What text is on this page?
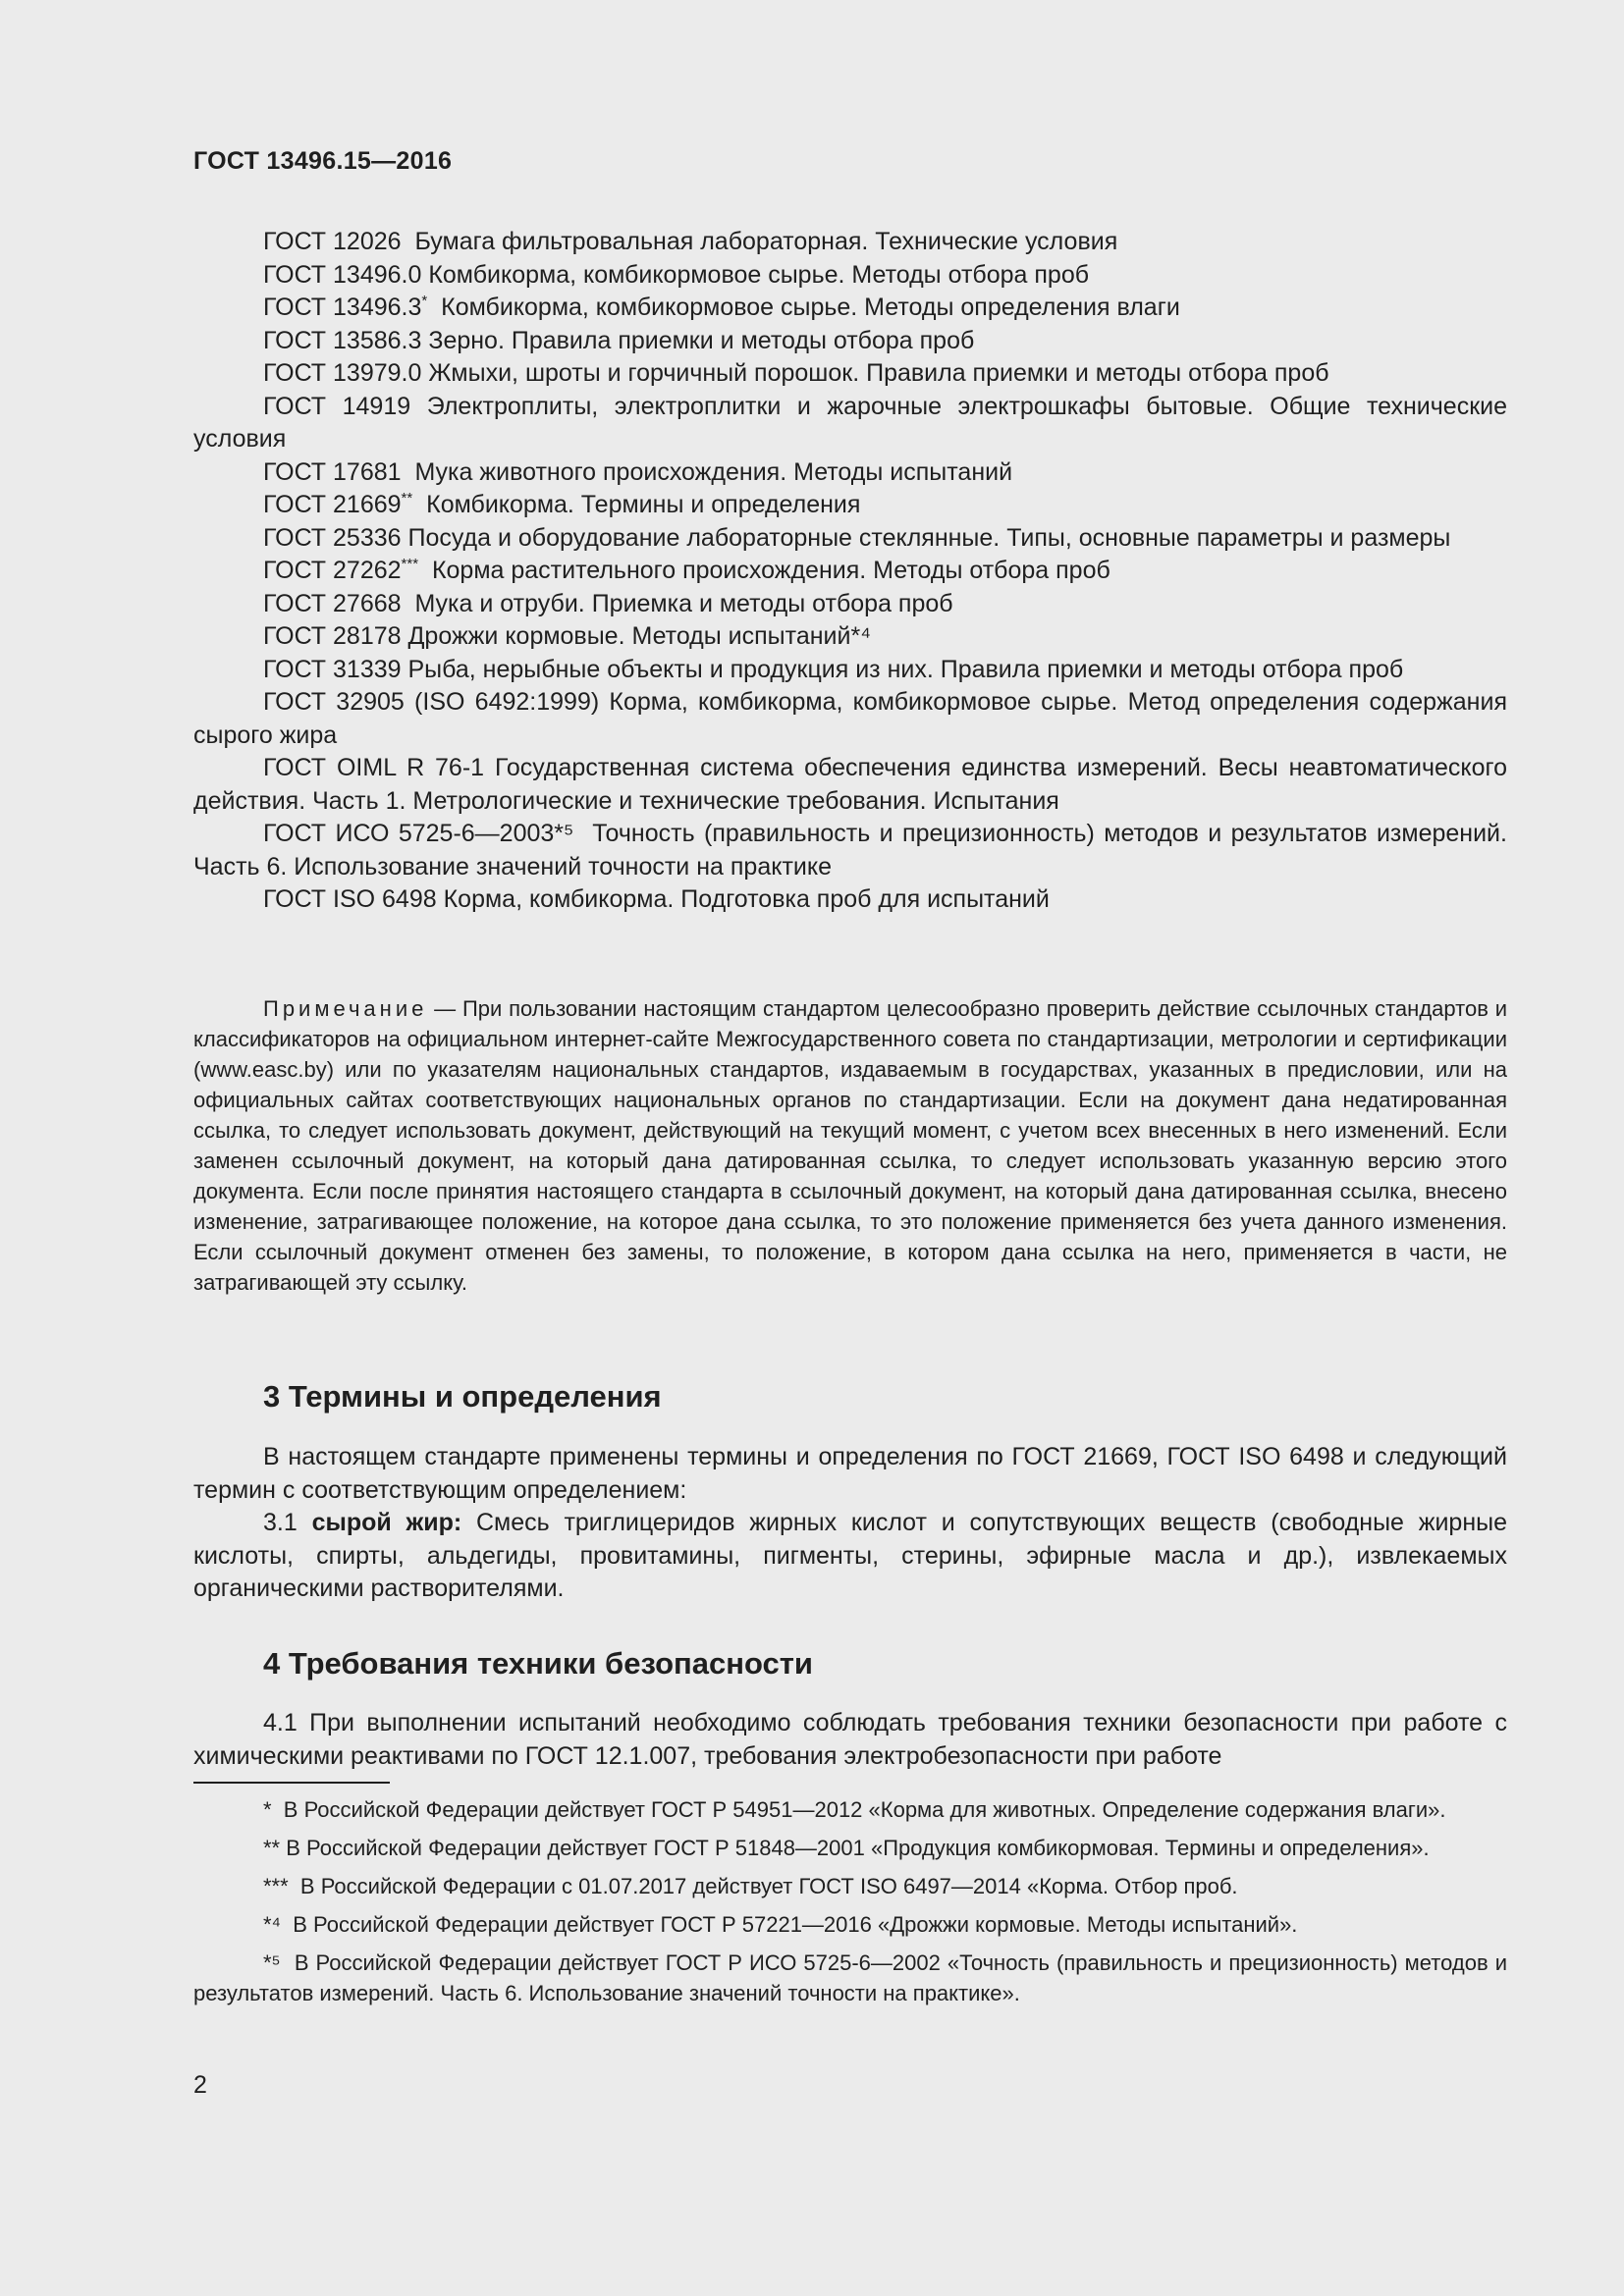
ГОСТ 13496.15—2016

ГОСТ 12026 Бумага фильтровальная лабораторная. Технические условия

ГОСТ 13496.0 Комбикорма, комбикормовое сырье. Методы отбора проб

ГОСТ 13496.3* Комбикорма, комбикормовое сырье. Методы определения влаги

ГОСТ 13586.3 Зерно. Правила приемки и методы отбора проб

ГОСТ 13979.0 Жмыхи, шроты и горчичный порошок. Правила приемки и методы отбора проб

ГОСТ 14919 Электроплиты, электроплитки и жарочные электрошкафы бытовые. Общие технические условия

ГОСТ 17681 Мука животного происхождения. Методы испытаний

ГОСТ 21669** Комбикорма. Термины и определения

ГОСТ 25336 Посуда и оборудование лабораторные стеклянные. Типы, основные параметры и размеры

ГОСТ 27262*** Корма растительного происхождения. Методы отбора проб

ГОСТ 27668 Мука и отруби. Приемка и методы отбора проб

ГОСТ 28178 Дрожжи кормовые. Методы испытаний*⁴

ГОСТ 31339 Рыба, нерыбные объекты и продукция из них. Правила приемки и методы отбора проб

ГОСТ 32905 (ISO 6492:1999) Корма, комбикорма, комбикормовое сырье. Метод определения содержания сырого жира

ГОСТ OIML R 76-1 Государственная система обеспечения единства измерений. Весы неавтоматического действия. Часть 1. Метрологические и технические требования. Испытания

ГОСТ ИСО 5725-6—2003*⁵ Точность (правильность и прецизионность) методов и результатов измерений. Часть 6. Использование значений точности на практике

ГОСТ ISO 6498 Корма, комбикорма. Подготовка проб для испытаний

Примечание — При пользовании настоящим стандартом целесообразно проверить действие ссылочных стандартов и классификаторов на официальном интернет-сайте Межгосударственного совета по стандартизации, метрологии и сертификации (www.easc.by) или по указателям национальных стандартов, издаваемым в государствах, указанных в предисловии, или на официальных сайтах соответствующих национальных органов по стандартизации. Если на документ дана недатированная ссылка, то следует использовать документ, действующий на текущий момент, с учетом всех внесенных в него изменений. Если заменен ссылочный документ, на который дана датированная ссылка, то следует использовать указанную версию этого документа. Если после принятия настоящего стандарта в ссылочный документ, на который дана датированная ссылка, внесено изменение, затрагивающее положение, на которое дана ссылка, то это положение применяется без учета данного изменения. Если ссылочный документ отменен без замены, то положение, в котором дана ссылка на него, применяется в части, не затрагивающей эту ссылку.

3 Термины и определения

В настоящем стандарте применены термины и определения по ГОСТ 21669, ГОСТ ISO 6498 и следующий термин с соответствующим определением:

3.1 сырой жир: Смесь триглицеридов жирных кислот и сопутствующих веществ (свободные жирные кислоты, спирты, альдегиды, провитамины, пигменты, стерины, эфирные масла и др.), извлекаемых органическими растворителями.

4 Требования техники безопасности

4.1 При выполнении испытаний необходимо соблюдать требования техники безопасности при работе с химическими реактивами по ГОСТ 12.1.007, требования электробезопасности при работе

* В Российской Федерации действует ГОСТ Р 54951—2012 «Корма для животных. Определение содержания влаги».

** В Российской Федерации действует ГОСТ Р 51848—2001 «Продукция комбикормовая. Термины и определения».

*** В Российской Федерации с 01.07.2017 действует ГОСТ ISO 6497—2014 «Корма. Отбор проб.

*⁴ В Российской Федерации действует ГОСТ Р 57221—2016 «Дрожжи кормовые. Методы испытаний».

*⁵ В Российской Федерации действует ГОСТ Р ИСО 5725-6—2002 «Точность (правильность и прецизионность) методов и результатов измерений. Часть 6. Использование значений точности на практике».

2
